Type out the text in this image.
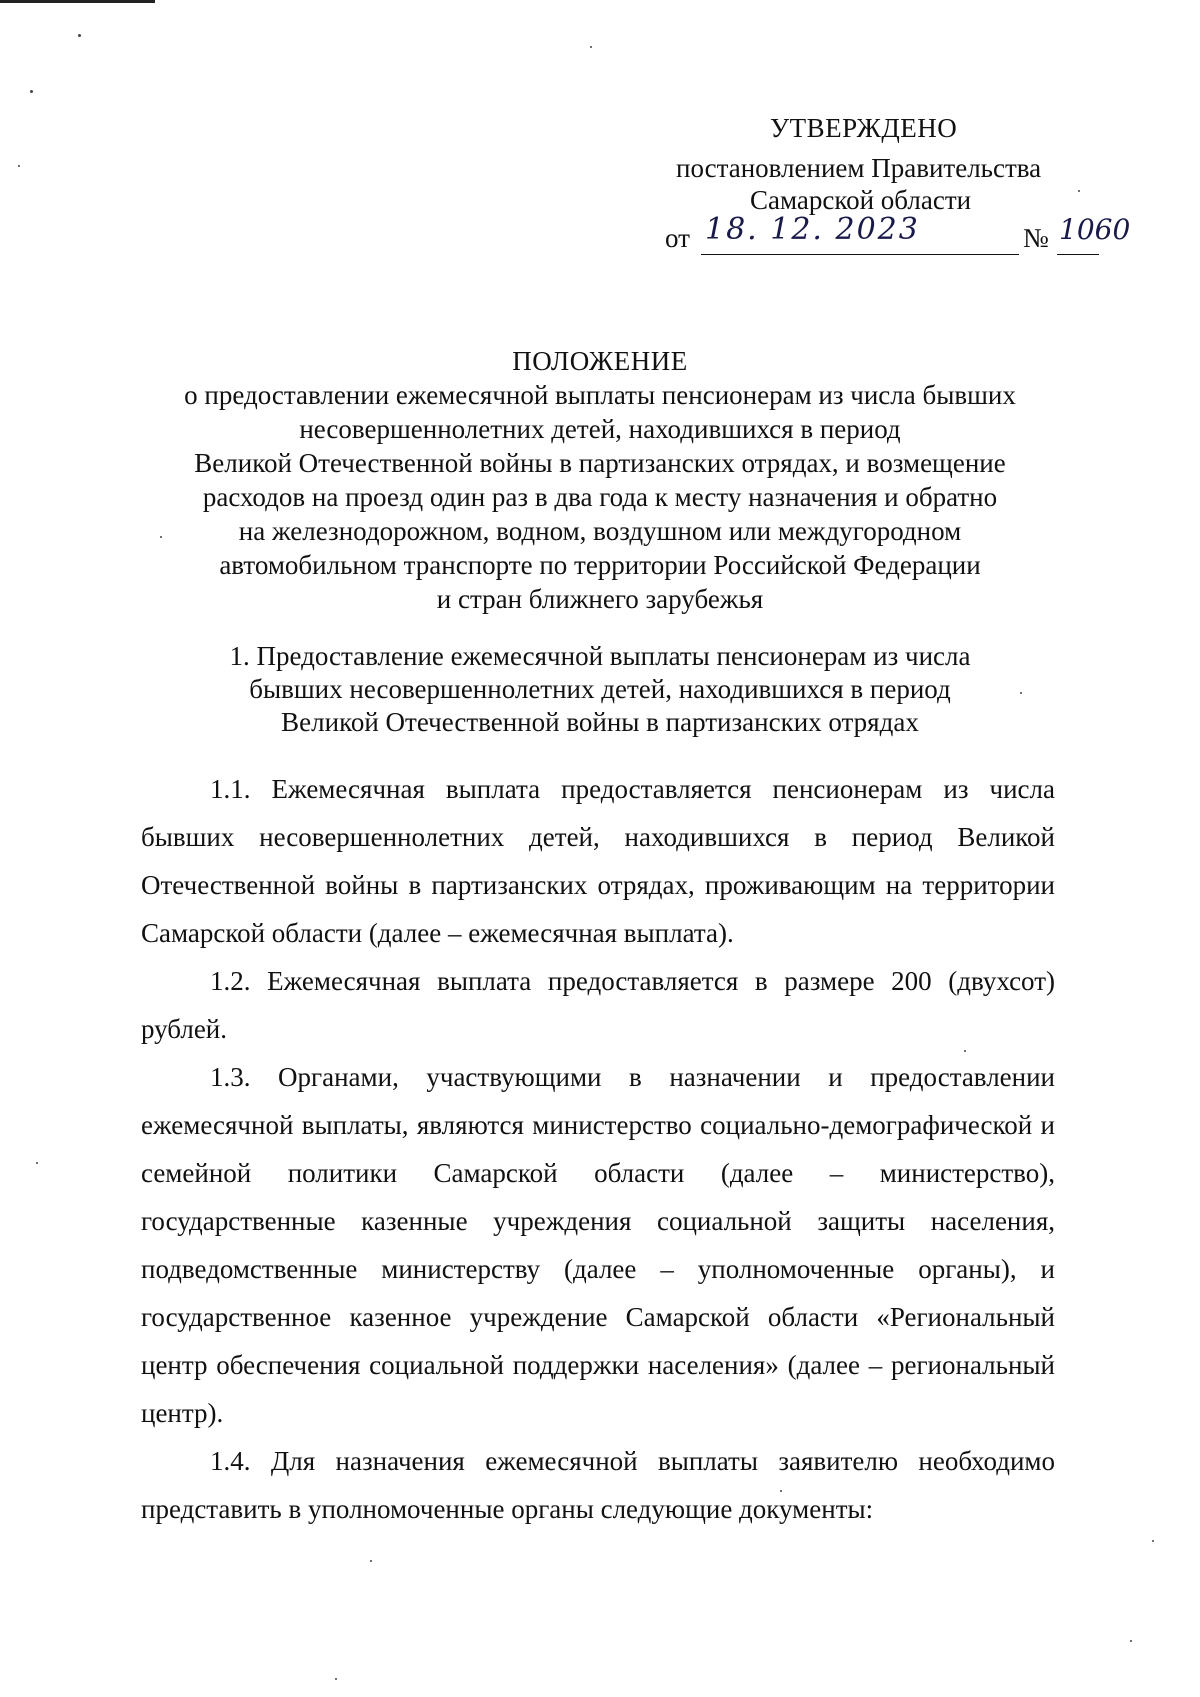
УТВЕРЖДЕНО
постановлением Правительства
Самарской области
от 18. 12. 2023	№ 1060
ПОЛОЖЕНИЕ
о предоставлении ежемесячной выплаты пенсионерам из числа бывших
несовершеннолетних детей, находившихся в период
Великой Отечественной войны в партизанских отрядах, и возмещение
расходов на проезд один раз в два года к месту назначения и обратно
на железнодорожном, водном, воздушном или междугородном
автомобильном транспорте по территории Российской Федерации
и стран ближнего зарубежья
1. Предоставление ежемесячной выплаты пенсионерам из числа
бывших несовершеннолетних детей, находившихся в период
Великой Отечественной войны в партизанских отрядах

1.1. Ежемесячная выплата предоставляется пенсионерам из числа бывших несовершеннолетних детей, находившихся в период Великой Отечественной войны в партизанских отрядах, проживающим на территории Самарской области (далее – ежемесячная выплата).

1.2. Ежемесячная выплата предоставляется в размере 200 (двухсот) рублей.

1.3. Органами, участвующими в назначении и предоставлении ежемесячной выплаты, являются министерство социально-демографической и семейной политики Самарской области (далее – министерство), государственные казенные учреждения социальной защиты населения, подведомственные министерству (далее – уполномоченные органы), и государственное казенное учреждение Самарской области «Региональный центр обеспечения социальной поддержки населения» (далее – региональный центр).

1.4. Для назначения ежемесячной выплаты заявителю необходимо представить в уполномоченные органы следующие документы:
